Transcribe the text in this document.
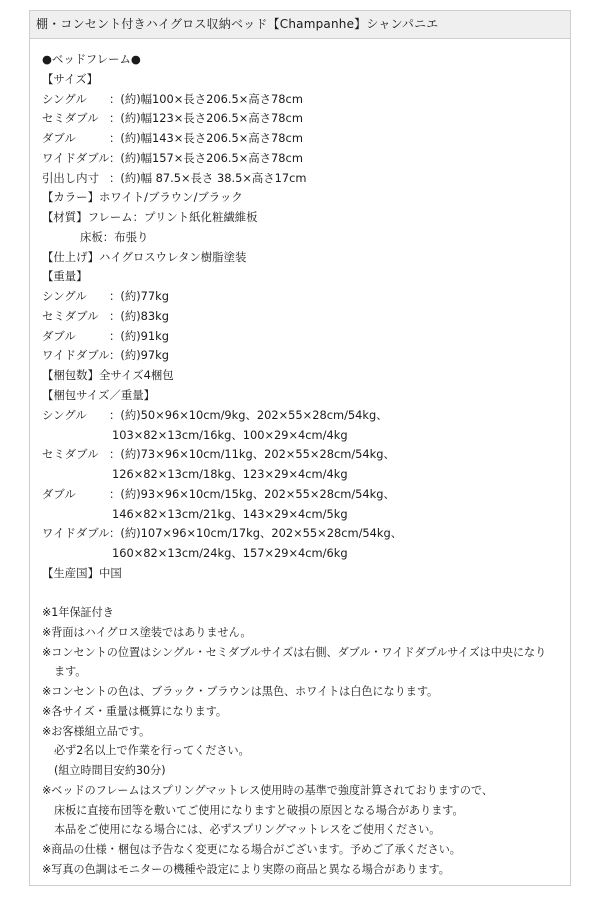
棚・コンセント付きハイグロス収納ベッド【Champanhe】シャンパニエ
●ベッドフレーム●
【サイズ】
シングル ：(約)幅100×長さ206.5×高さ78cm
セミダブル ：(約)幅123×長さ206.5×高さ78cm
ダブル	：(約)幅143×長さ206.5×高さ78cm
ワイドダブル：(約)幅157×長さ206.5×高さ78cm
引出し内寸 ：(約)幅 87.5×長さ 38.5×高さ17cm
【カラー】ホワイト/ブラウン/ブラック
【材質】フレーム：プリント紙化粧繊維板
床板：布張り
【仕上げ】ハイグロスウレタン樹脂塗装
【重量】
シングル ：(約)77kg
セミダブル ：(約)83kg
ダブル	：(約)91kg
ワイドダブル：(約)97kg
【梱包数】全サイズ4梱包
【梱包サイズ／重量】
シングル ：(約)50×96×10cm/9kg、202×55×28cm/54kg、
103×82×13cm/16kg、100×29×4cm/4kg
セミダブル ：(約)73×96×10cm/11kg、202×55×28cm/54kg、
126×82×13cm/18kg、123×29×4cm/4kg
ダブル	：(約)93×96×10cm/15kg、202×55×28cm/54kg、
146×82×13cm/21kg、143×29×4cm/5kg
ワイドダブル：(約)107×96×10cm/17kg、202×55×28cm/54kg、
160×82×13cm/24kg、157×29×4cm/6kg
【生産国】中国
※1年保証付き
※背面はハイグロス塗装ではありません。
※コンセントの位置はシングル・セミダブルサイズは右側、ダブル・ワイドダブルサイズは中央になり
ます。
※コンセントの色は、ブラック・ブラウンは黒色、ホワイトは白色になります。
※各サイズ・重量は概算になります。
※お客様組立品です。
必ず2名以上で作業を行ってください。
(組立時間目安約30分)
※ベッドのフレームはスプリングマットレス使用時の基準で強度計算されておりますので、
床板に直接布団等を敷いてご使用になりますと破損の原因となる場合があります。
本品をご使用になる場合には、必ずスプリングマットレスをご使用ください。
※商品の仕様・梱包は予告なく変更になる場合がございます。予めご了承ください。
※写真の色調はモニターの機種や設定により実際の商品と異なる場合があります。
